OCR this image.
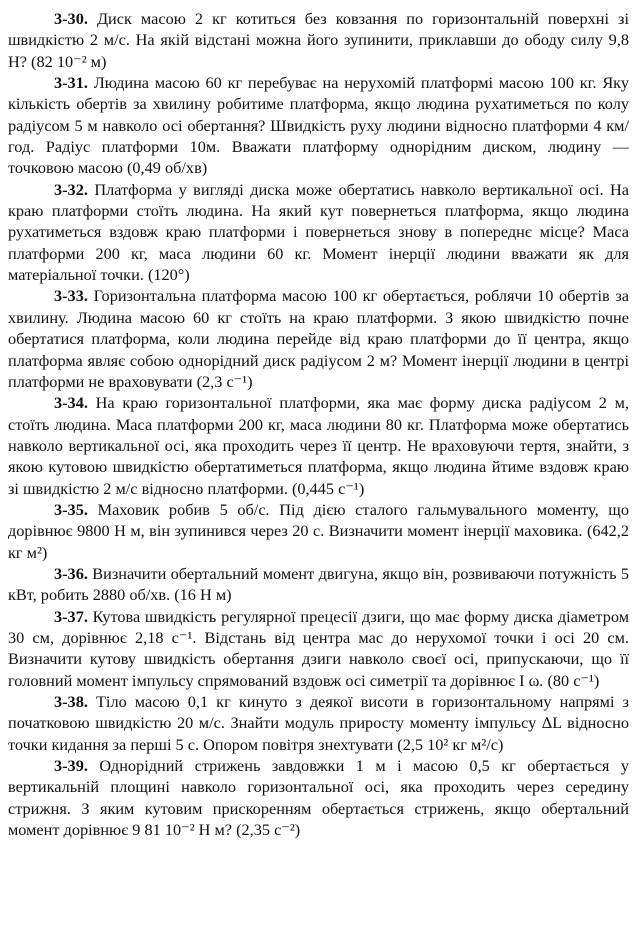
3-30. Диск масою 2 кг котиться без ковзання по горизонтальній поверхні зі швидкістю 2 м/с. На якій відстані можна його зупинити, приклавши до ободу силу 9,8 Н? (82 10⁻² м)

3-31. Людина масою 60 кг перебуває на нерухомій платформі масою 100 кг. Яку кількість обертів за хвилину робитиме платформа, якщо людина рухатиметься по колу радіусом 5 м навколо осі обертання? Швидкість руху людини відносно платформи 4 км/год. Радіус платформи 10м. Вважати платформу однорідним диском, людину — точковою масою (0,49 об/хв)

3-32. Платформа у вигляді диска може обертатись навколо вертикальної осі. На краю платформи стоїть людина. На який кут повернеться платформа, якщо людина рухатиметься вздовж краю платформи і повернеться знову в попереднє місце? Маса платформи 200 кг, маса людини 60 кг. Момент інерції людини вважати як для матеріальної точки. (120°)

3-33. Горизонтальна платформа масою 100 кг обертається, роблячи 10 обертів за хвилину. Людина масою 60 кг стоїть на краю платформи. З якою швидкістю почне обертатися платформа, коли людина перейде від краю платформи до її центра, якщо платформа являє собою однорідний диск радіусом 2 м? Момент інерції людини в центрі платформи не враховувати (2,3 с⁻¹)

3-34. На краю горизонтальної платформи, яка має форму диска радіусом 2 м, стоїть людина. Маса платформи 200 кг, маса людини 80 кг. Платформа може обертатись навколо вертикальної осі, яка проходить через її центр. Не враховуючи тертя, знайти, з якою кутовою швидкістю обертатиметься платформа, якщо людина йтиме вздовж краю зі швидкістю 2 м/с відносно платформи. (0,445 с⁻¹)

3-35. Маховик робив 5 об/с. Під дією сталого гальмувального моменту, що дорівнює 9800 Н м, він зупинився через 20 с. Визначити момент інерції маховика. (642,2 кг м²)

3-36. Визначити обертальний момент двигуна, якщо він, розвиваючи потужність 5 кВт, робить 2880 об/хв. (16 Н м)

3-37. Кутова швидкість регулярної прецесії дзиги, що має форму диска діаметром 30 см, дорівнює 2,18 с⁻¹. Відстань від центра мас до нерухомої точки і осі 20 см. Визначити кутову швидкість обертання дзиги навколо своєї осі, припускаючи, що її головний момент імпульсу спрямований вздовж осі симетрії та дорівнює I ω. (80 с⁻¹)

3-38. Тіло масою 0,1 кг кинуто з деякої висоти в горизонтальному напрямі з початковою швидкістю 20 м/с. Знайти модуль приросту моменту імпульсу ΔL відносно точки кидання за перші 5 с. Опором повітря знехтувати (2,5 10² кг м²/с)

3-39. Однорідний стрижень завдовжки 1 м і масою 0,5 кг обертається у вертикальній площині навколо горизонтальної осі, яка проходить через середину стрижня. З яким кутовим прискоренням обертається стрижень, якщо обертальний момент дорівнює 9 81 10⁻² Н м? (2,35 с⁻²)
